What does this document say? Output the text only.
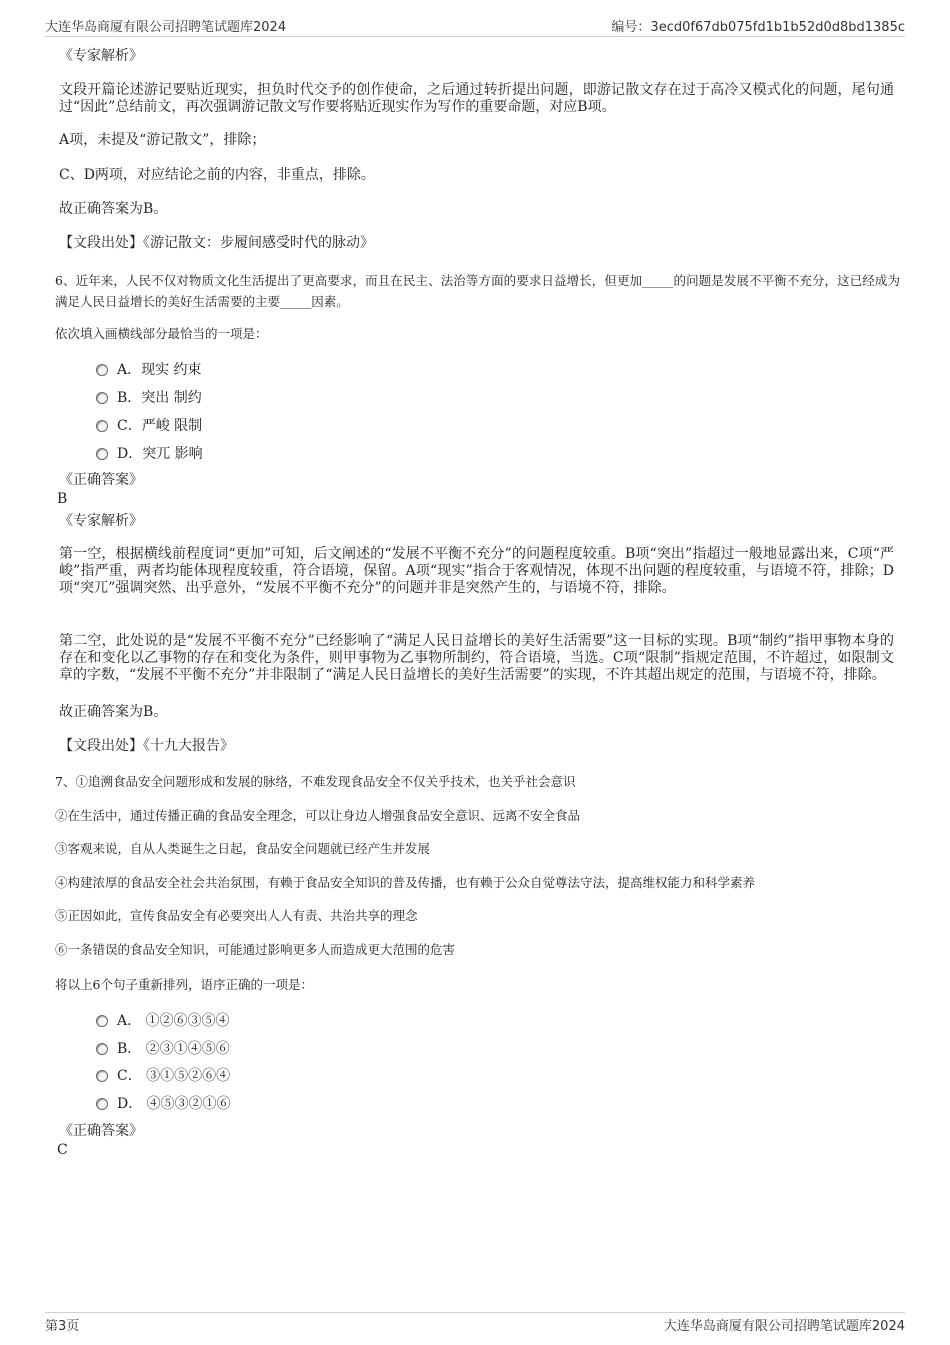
大连华岛商厦有限公司招聘笔试题库2024	编号：3ecd0f67db075fd1b1b52d0d8bd1385c

《专家解析》

文段开篇论述游记要贴近现实，担负时代交予的创作使命，之后通过转折提出问题，即游记散文存在过于高冷又模式化的问题，尾句通过“因此”总结前文，再次强调游记散文写作要将贴近现实作为写作的重要命题，对应B项。

A项，未提及“游记散文”，排除；

C、D两项，对应结论之前的内容，非重点，排除。

故正确答案为B。

【文段出处】《游记散文：步履间感受时代的脉动》

6、近年来，人民不仅对物质文化生活提出了更高要求，而且在民主、法治等方面的要求日益增长，但更加_____的问题是发展不平衡不充分，这已经成为满足人民日益增长的美好生活需要的主要_____因素。

依次填入画横线部分最恰当的一项是：

A．现实 约束
B．突出 制约
C．严峻 限制
D．突兀 影响

《正确答案》

B

《专家解析》

第一空，根据横线前程度词“更加”可知，后文阐述的“发展不平衡不充分”的问题程度较重。B项“突出”指超过一般地显露出来，C项“严峻”指严重，两者均能体现程度较重，符合语境，保留。A项“现实”指合于客观情况，体现不出问题的程度较重，与语境不符，排除；D项“突兀”强调突然、出乎意外，“发展不平衡不充分”的问题并非是突然产生的，与语境不符，排除。

第二空，此处说的是“发展不平衡不充分”已经影响了“满足人民日益增长的美好生活需要”这一目标的实现。B项“制约”指甲事物本身的存在和变化以乙事物的存在和变化为条件，则甲事物为乙事物所制约，符合语境，当选。C项“限制”指规定范围，不许超过，如限制文章的字数，“发展不平衡不充分”并非限制了“满足人民日益增长的美好生活需要”的实现，不许其超出规定的范围，与语境不符，排除。

故正确答案为B。

【文段出处】《十九大报告》

7、①追溯食品安全问题形成和发展的脉络，不难发现食品安全不仅关乎技术，也关乎社会意识

②在生活中，通过传播正确的食品安全理念，可以让身边人增强食品安全意识、远离不安全食品

③客观来说，自从人类诞生之日起，食品安全问题就已经产生并发展

④构建浓厚的食品安全社会共治氛围，有赖于食品安全知识的普及传播，也有赖于公众自觉尊法守法，提高维权能力和科学素养

⑤正因如此，宣传食品安全有必要突出人人有责、共治共享的理念

⑥一条错误的食品安全知识，可能通过影响更多人而造成更大范围的危害

将以上6个句子重新排列，语序正确的一项是：

A． ①②⑥③⑤④
B． ②③①④⑤⑥
C． ③①⑤②⑥④
D． ④⑤③②①⑥

《正确答案》

C

第3页	大连华岛商厦有限公司招聘笔试题库2024
